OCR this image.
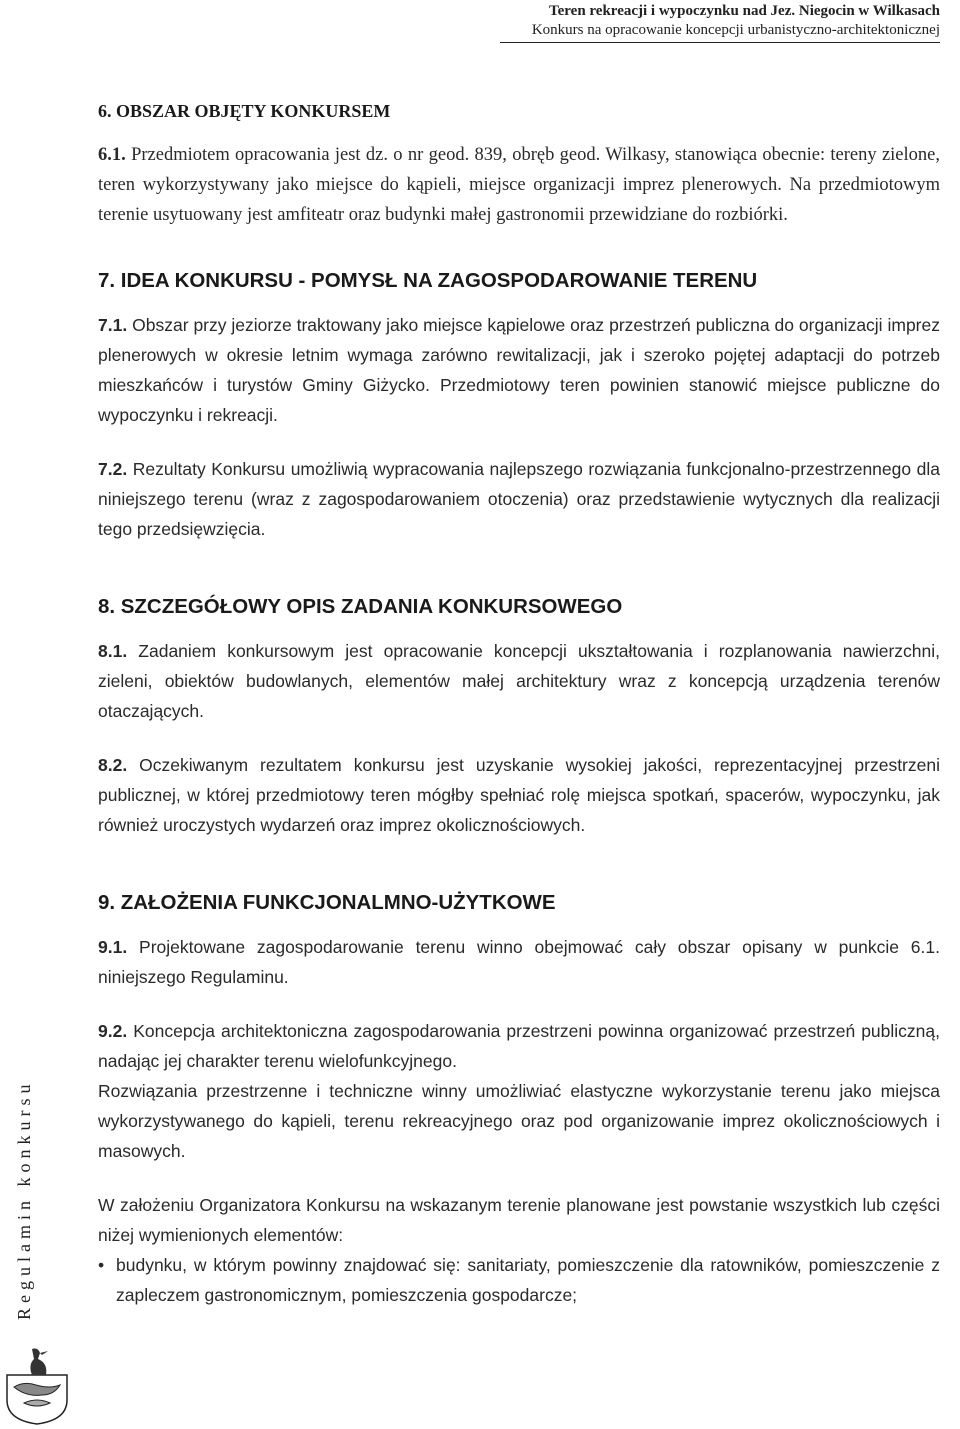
Teren rekreacji i wypoczynku nad Jez. Niegocin w Wilkasach
Konkurs na opracowanie koncepcji urbanistyczno-architektonicznej
6. OBSZAR OBJĘTY KONKURSEM

6.1. Przedmiotem opracowania jest dz. o nr geod. 839, obręb geod. Wilkasy, stanowiąca obecnie: tereny zielone, teren wykorzystywany jako miejsce do kąpieli, miejsce organizacji imprez plenerowych. Na przedmiotowym terenie usytuowany jest amfiteatr oraz budynki małej gastronomii przewidziane do rozbiórki.

7. IDEA KONKURSU - POMYSŁ NA ZAGOSPODAROWANIE TERENU

7.1. Obszar przy jeziorze traktowany jako miejsce kąpielowe oraz przestrzeń publiczna do organizacji imprez plenerowych w okresie letnim wymaga zarówno rewitalizacji, jak i szeroko pojętej adaptacji do potrzeb mieszkańców i turystów Gminy Giżycko. Przedmiotowy teren powinien stanowić miejsce publiczne do wypoczynku i rekreacji.

7.2. Rezultaty Konkursu umożliwią wypracowania najlepszego rozwiązania funkcjonalno-przestrzennego dla niniejszego terenu (wraz z zagospodarowaniem otoczenia) oraz przedstawienie wytycznych dla realizacji tego przedsięwzięcia.

8. SZCZEGÓŁOWY OPIS ZADANIA KONKURSOWEGO

8.1. Zadaniem konkursowym jest opracowanie koncepcji ukształtowania i rozplanowania nawierzchni, zieleni, obiektów budowlanych, elementów małej architektury wraz z koncepcją urządzenia terenów otaczających.

8.2. Oczekiwanym rezultatem konkursu jest uzyskanie wysokiej jakości, reprezentacyjnej przestrzeni publicznej, w której przedmiotowy teren mógłby spełniać rolę miejsca spotkań, spacerów, wypoczynku, jak również uroczystych wydarzeń oraz imprez okolicznościowych.

9. ZAŁOŻENIA FUNKCJONALMNO-UŻYTKOWE

9.1. Projektowane zagospodarowanie terenu winno obejmować cały obszar opisany w punkcie 6.1. niniejszego Regulaminu.

9.2. Koncepcja architektoniczna zagospodarowania przestrzeni powinna organizować przestrzeń publiczną, nadając jej charakter terenu wielofunkcyjnego.

Rozwiązania przestrzenne i techniczne winny umożliwiać elastyczne wykorzystanie terenu jako miejsca wykorzystywanego do kąpieli, terenu rekreacyjnego oraz pod organizowanie imprez okolicznościowych i masowych.

W założeniu Organizatora Konkursu na wskazanym terenie planowane jest powstanie wszystkich lub części niżej wymienionych elementów:

• budynku, w którym powinny znajdować się: sanitariaty, pomieszczenie dla ratowników, pomieszczenie z zapleczem gastronomicznym, pomieszczenia gospodarcze;
Regulamin konkursu
